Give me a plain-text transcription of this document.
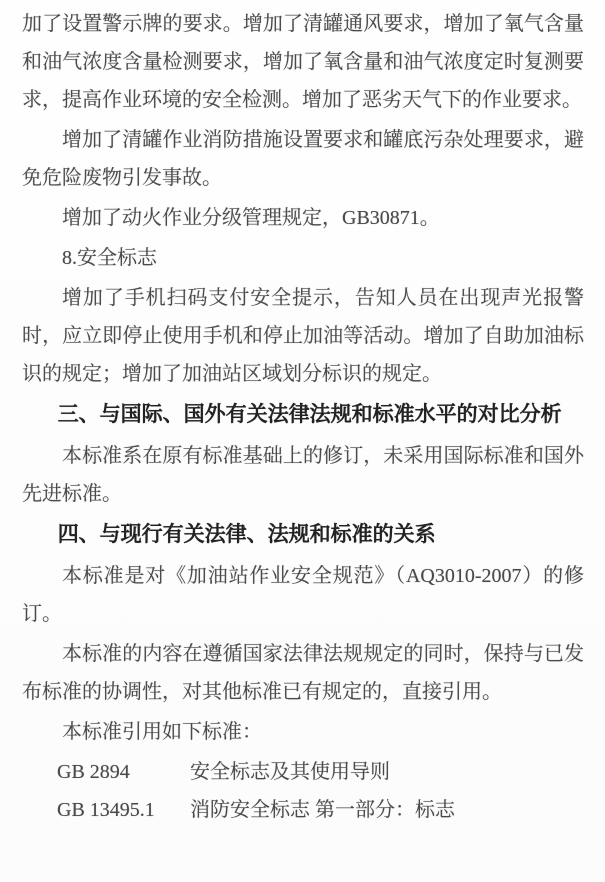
加了设置警示牌的要求。增加了清罐通风要求，增加了氧气含量和油气浓度含量检测要求，增加了氧含量和油气浓度定时复测要求，提高作业环境的安全检测。增加了恶劣天气下的作业要求。

增加了清罐作业消防措施设置要求和罐底污杂处理要求，避免危险废物引发事故。

增加了动火作业分级管理规定，GB30871。

8.安全标志

增加了手机扫码支付安全提示，告知人员在出现声光报警时，应立即停止使用手机和停止加油等活动。增加了自助加油标识的规定；增加了加油站区域划分标识的规定。

三、与国际、国外有关法律法规和标准水平的对比分析

本标准系在原有标准基础上的修订，未采用国际标准和国外先进标准。

四、与现行有关法律、法规和标准的关系

本标准是对《加油站作业安全规范》（AQ3010-2007）的修订。

本标准的内容在遵循国家法律法规规定的同时，保持与已发布标准的协调性，对其他标准已有规定的，直接引用。

本标准引用如下标准：

GB 2894	安全标志及其使用导则
GB 13495.1 消防安全标志 第一部分：标志
